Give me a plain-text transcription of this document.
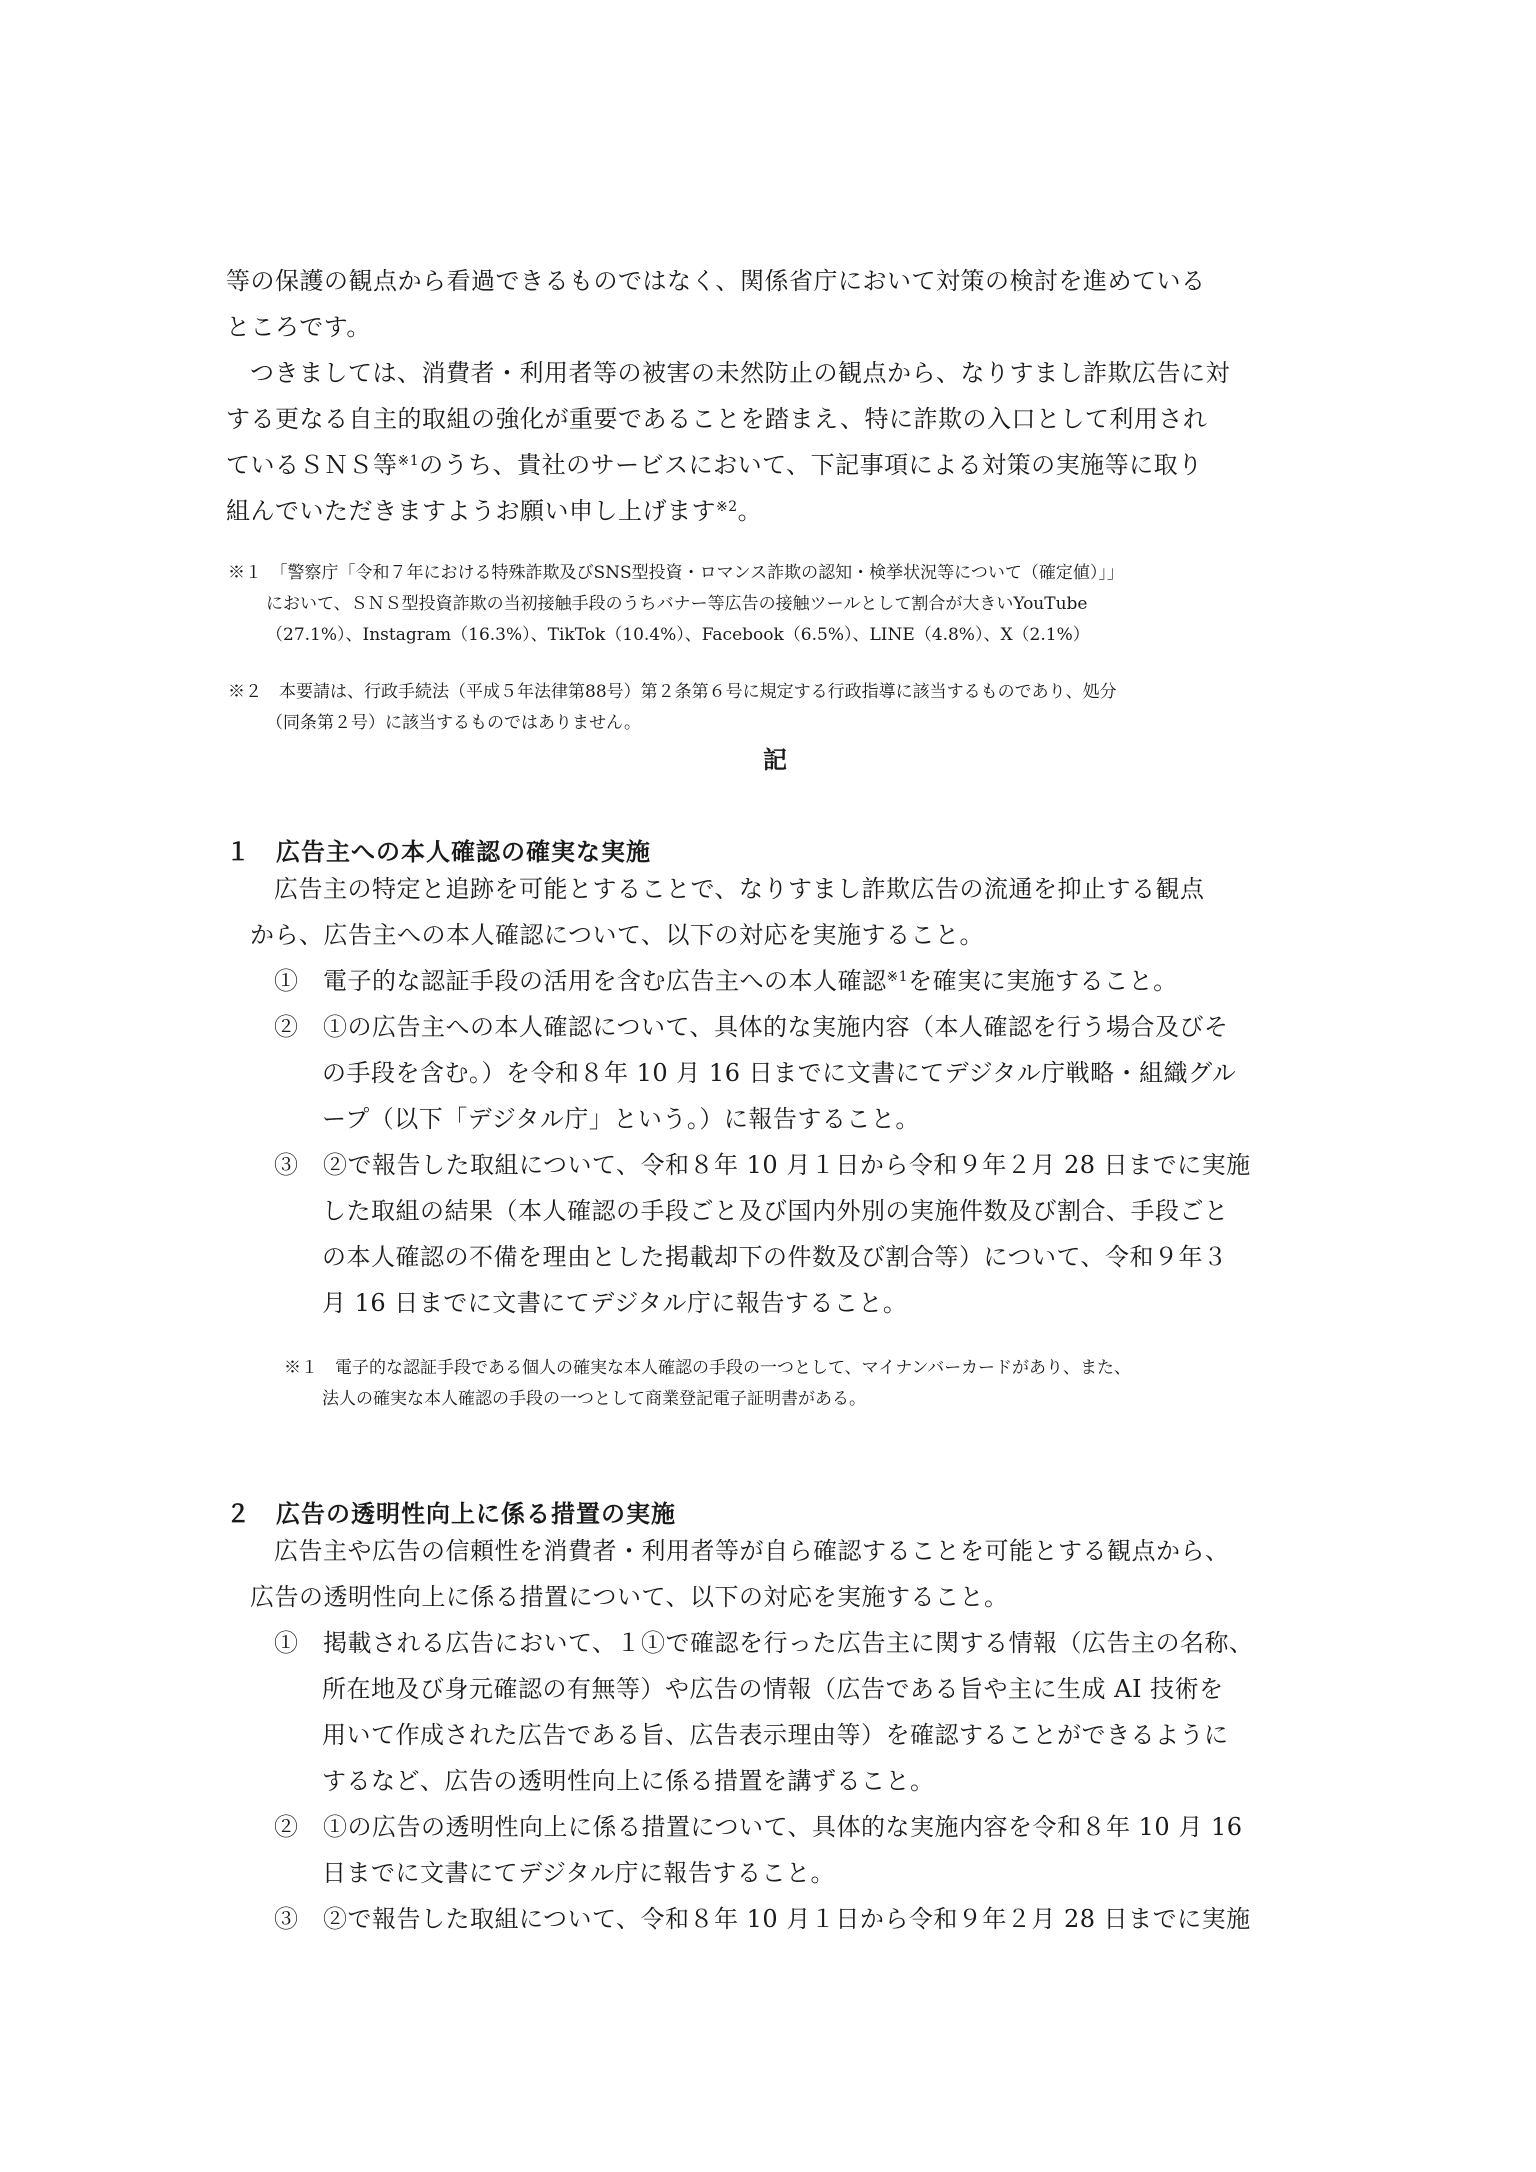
等の保護の観点から看過できるものではなく、関係省庁において対策の検討を進めている

ところです。

つきましては、消費者・利用者等の被害の未然防止の観点から、なりすまし詐欺広告に対

する更なる自主的取組の強化が重要であることを踏まえ、特に詐欺の入口として利用され

ているＳＮＳ等$^{※1}$のうち、貴社のサービスにおいて、下記事項による対策の実施等に取り

組んでいただきますようお願い申し上げます$^{※2}$。

※１　「警察庁「令和７年における特殊詐欺及びSNS型投資・ロマンス詐欺の認知・検挙状況等について（確定値）」」

において、ＳＮＳ型投資詐欺の当初接触手段のうちバナー等広告の接触ツールとして割合が大きいYouTube

（27.1%）、Instagram（16.3%）、TikTok（10.4%）、Facebook（6.5%）、LINE（4.8%）、X（2.1%）

※２　本要請は、行政手続法（平成５年法律第88号）第２条第６号に規定する行政指導に該当するものであり、処分

（同条第２号）に該当するものではありません。

記
１　広告主への本人確認の確実な実施

広告主の特定と追跡を可能とすることで、なりすまし詐欺広告の流通を抑止する観点

から、広告主への本人確認について、以下の対応を実施すること。

①　電子的な認証手段の活用を含む広告主への本人確認$^{※1}$を確実に実施すること。

②　①の広告主への本人確認について、具体的な実施内容（本人確認を行う場合及びそ

の手段を含む。）を令和８年 10 月 16 日までに文書にてデジタル庁戦略・組織グル

ープ（以下「デジタル庁」という。）に報告すること。

③　②で報告した取組について、令和８年 10 月１日から令和９年２月 28 日までに実施

した取組の結果（本人確認の手段ごと及び国内外別の実施件数及び割合、手段ごと

の本人確認の不備を理由とした掲載却下の件数及び割合等）について、令和９年３

月 16 日までに文書にてデジタル庁に報告すること。

※１　電子的な認証手段である個人の確実な本人確認の手段の一つとして、マイナンバーカードがあり、また、

法人の確実な本人確認の手段の一つとして商業登記電子証明書がある。

２　広告の透明性向上に係る措置の実施

広告主や広告の信頼性を消費者・利用者等が自ら確認することを可能とする観点から、

広告の透明性向上に係る措置について、以下の対応を実施すること。

①　掲載される広告において、１①で確認を行った広告主に関する情報（広告主の名称、

所在地及び身元確認の有無等）や広告の情報（広告である旨や主に生成 AI 技術を

用いて作成された広告である旨、広告表示理由等）を確認することができるように

するなど、広告の透明性向上に係る措置を講ずること。

②　①の広告の透明性向上に係る措置について、具体的な実施内容を令和８年 10 月 16

日までに文書にてデジタル庁に報告すること。

③　②で報告した取組について、令和８年 10 月１日から令和９年２月 28 日までに実施
